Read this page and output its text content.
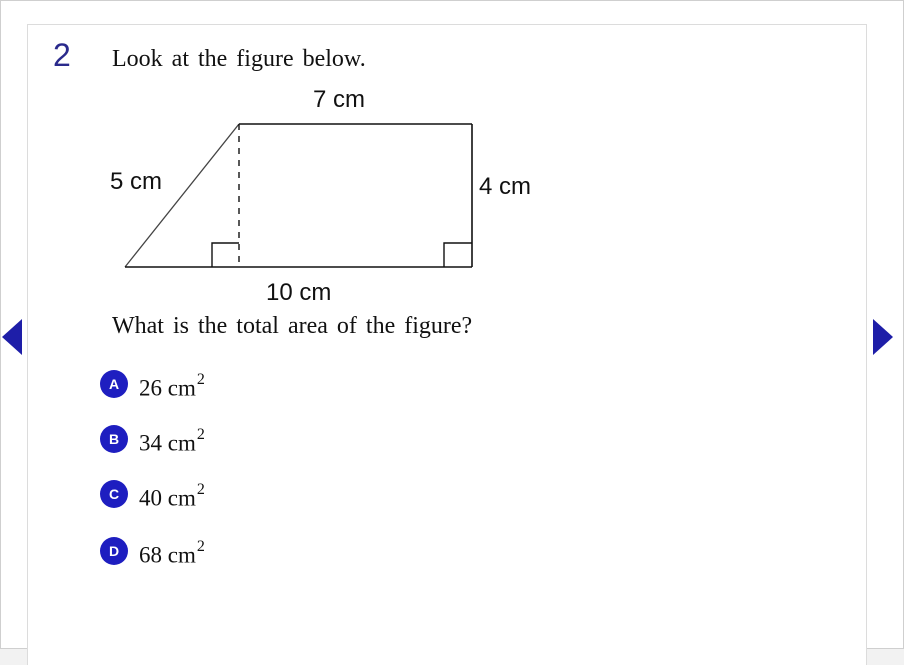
2 Look at the figure below.
7 cm
5 cm	4 cm
10 cm
What is the total area of the figure?
A 26 $cm^2$
B 34 $cm^2$
C 40 $cm^2$
D 68 $cm^2$
